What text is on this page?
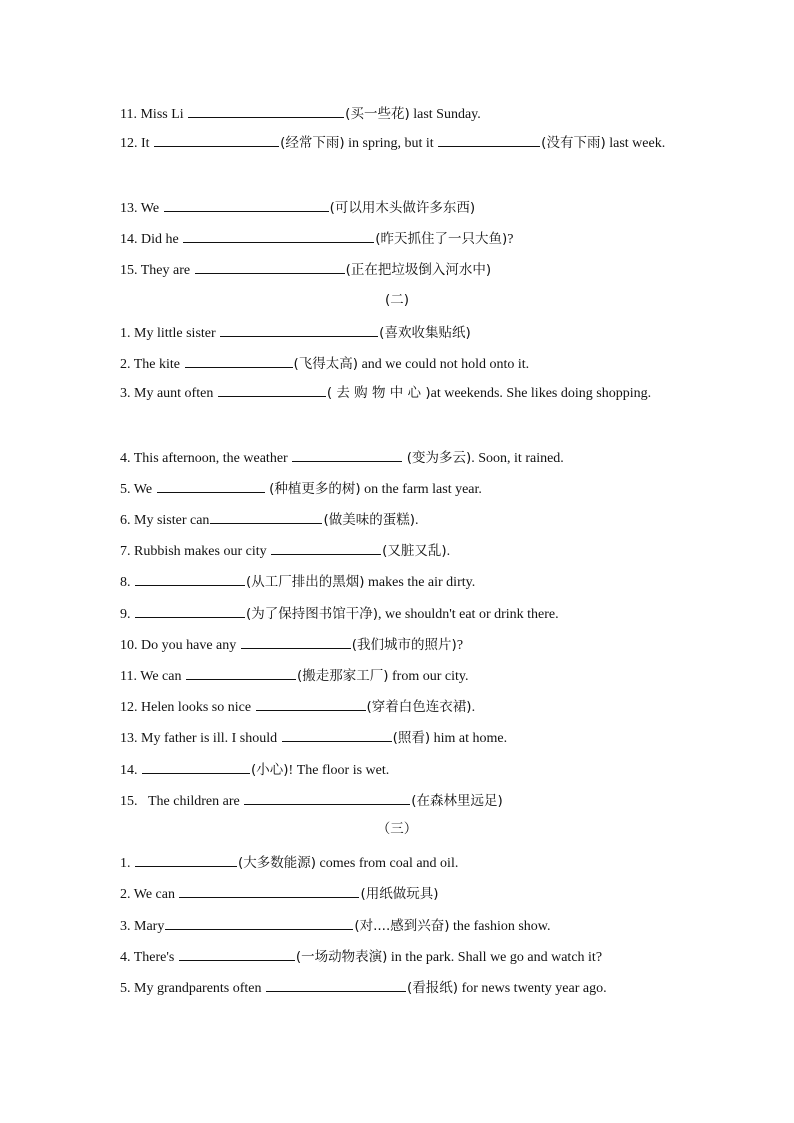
11. Miss Li	(买一些花) last Sunday.
12. It	(经常下雨) in spring, but it	(没有下雨) last week.
13. We	(可以用木头做许多东西)
14. Did he	(昨天抓住了一只大鱼)?
15. They are	(正在把垃圾倒入河水中)
(二)
1. My little sister	(喜欢收集贴纸)
2. The kite	(飞得太高) and we could not hold onto it.
3. My aunt often	( 去 购 物 中 心 )at weekends. She likes doing shopping.
4. This afternoon, the weather	(变为多云). Soon, it rained.
5. We	(种植更多的树) on the farm last year.
6. My sister can	(做美味的蛋糕).
7. Rubbish makes our city	(又脏又乱).
8.	(从工厂排出的黑烟) makes the air dirty.
9.	(为了保持图书馆干净), we shouldn't eat or drink there.
10. Do you have any	(我们城市的照片)?
11. We can	(搬走那家工厂) from our city.
12. Helen looks so nice	(穿着白色连衣裙).
13. My father is ill. I should	(照看) him at home.
14.	(小心)! The floor is wet.
15. The children are	(在森林里远足)
（三）
1.	(大多数能源) comes from coal and oil.
2. We can	(用纸做玩具)
3. Mary	(对....感到兴奋) the fashion show.
4. There's	(一场动物表演) in the park. Shall we go and watch it?
5. My grandparents often	(看报纸) for news twenty year ago.
